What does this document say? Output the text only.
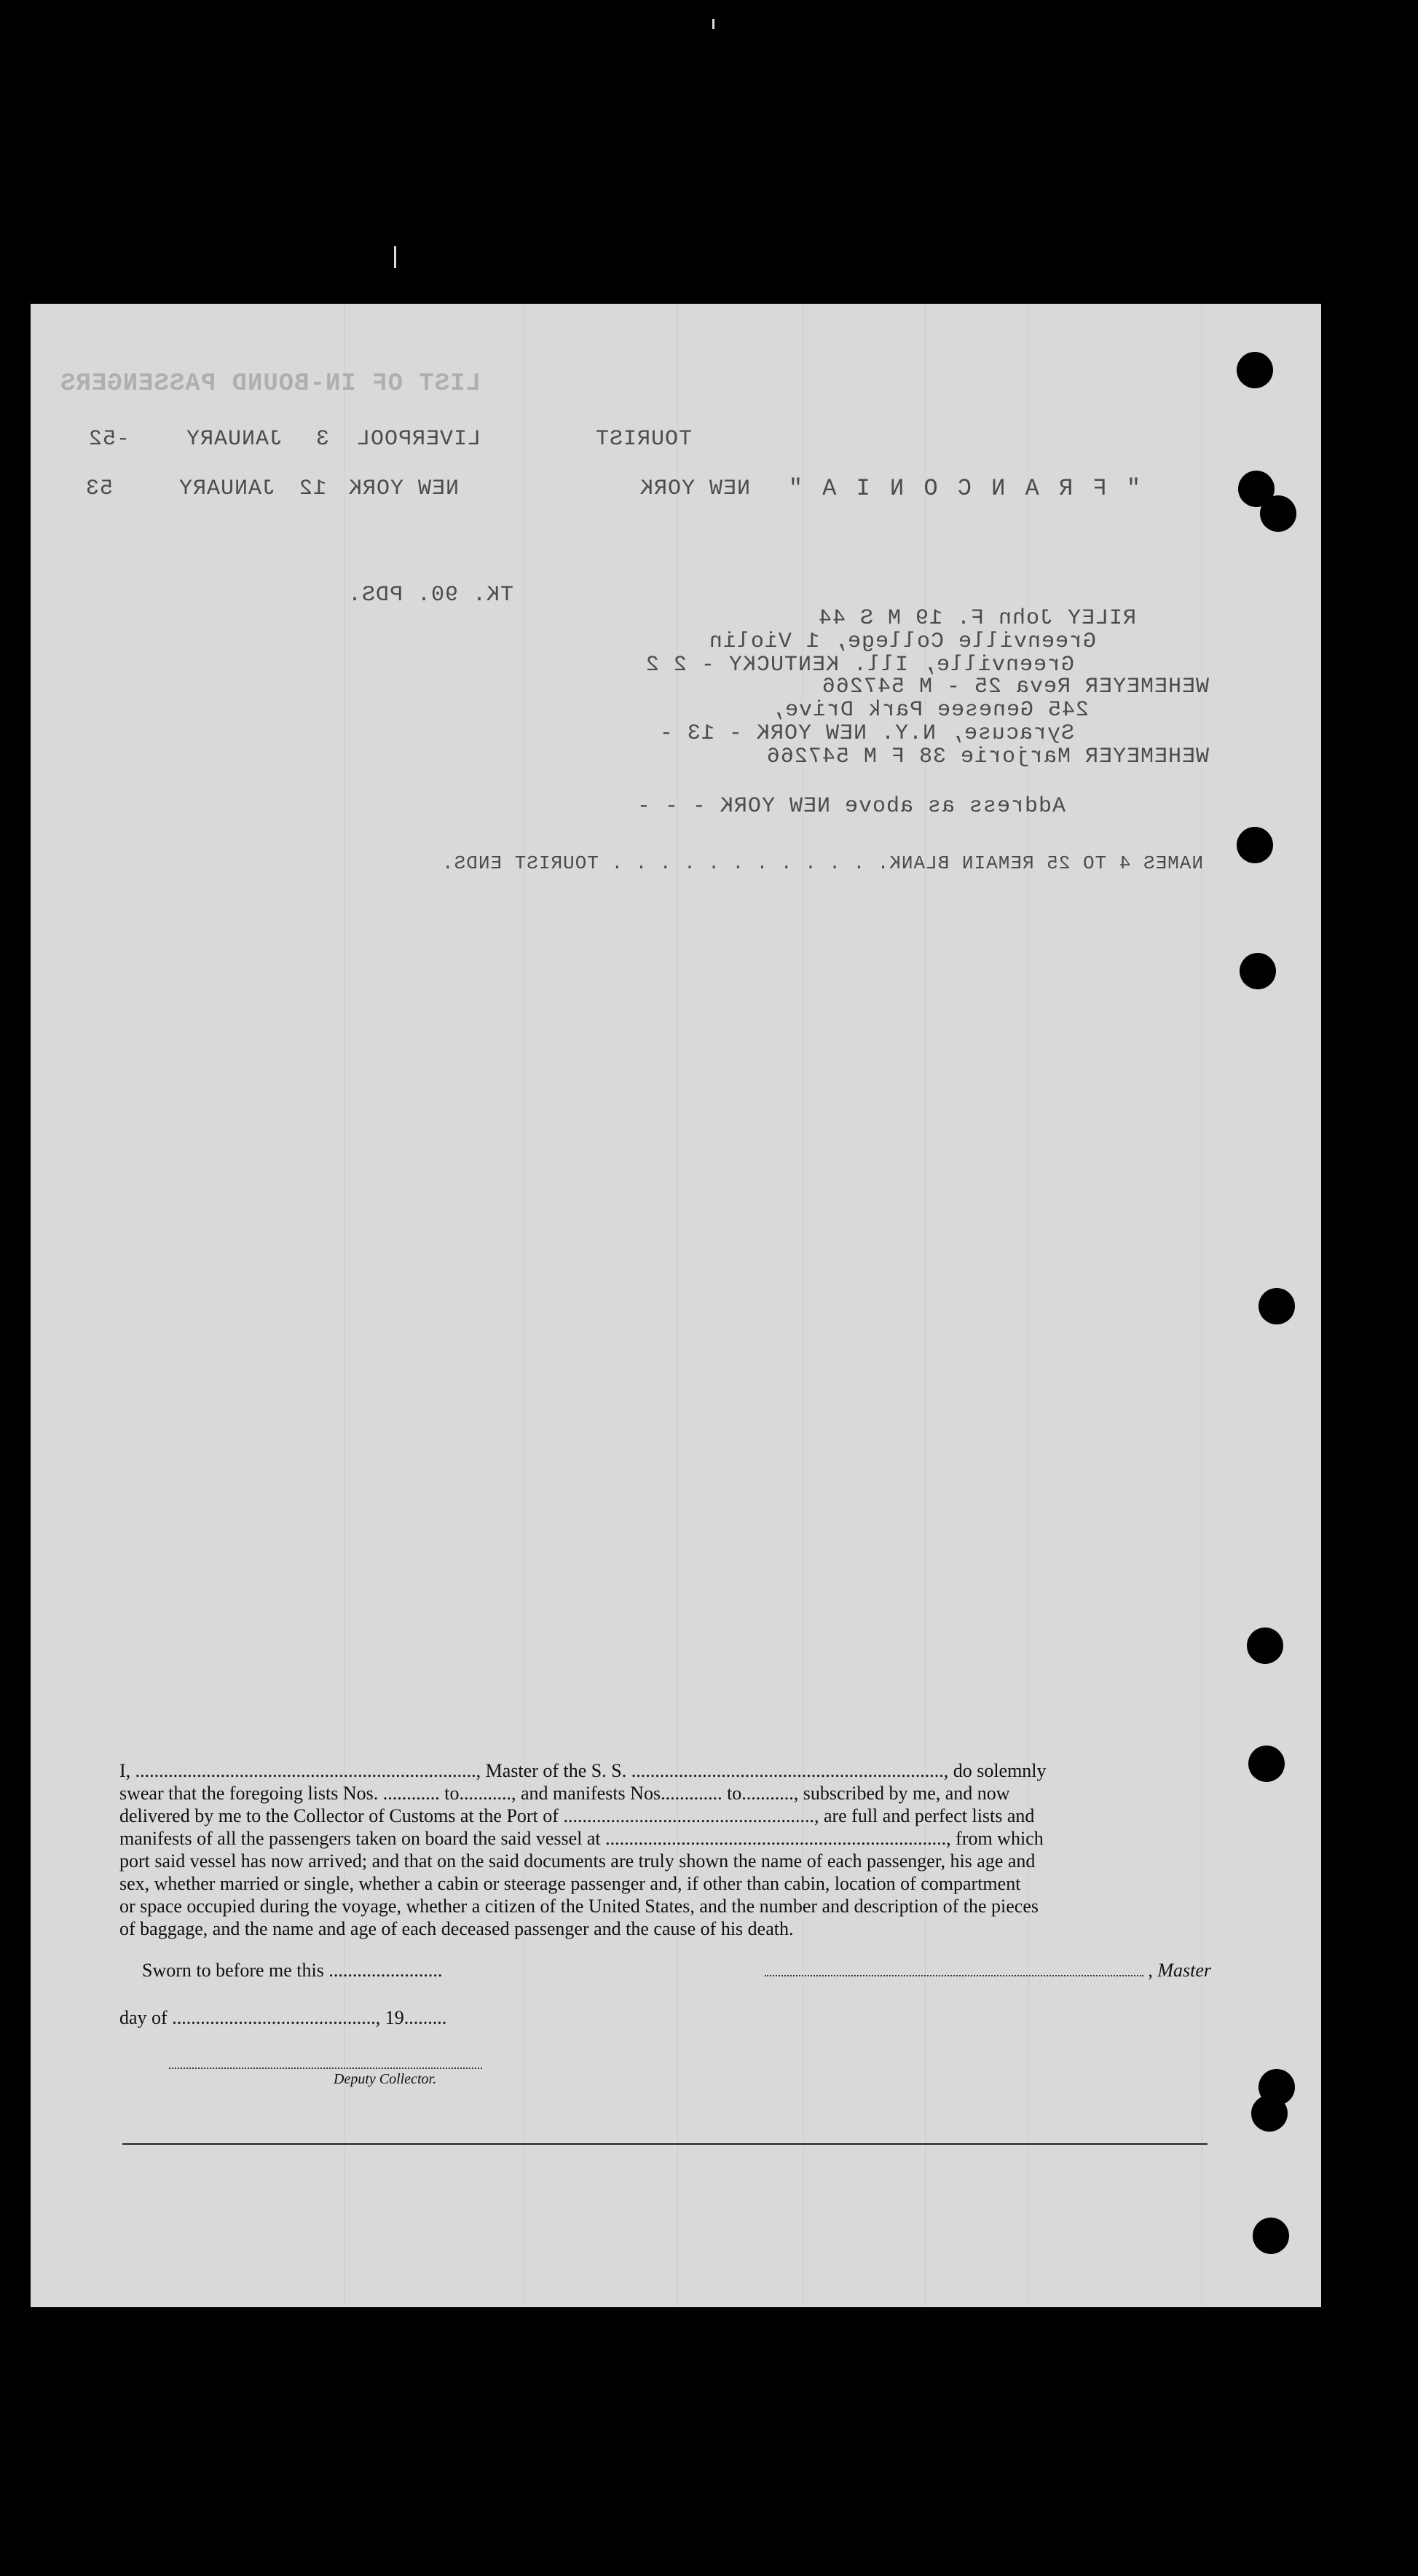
LIST OF IN-BOUND PASSENGERS
-52	JANUARY 3 LIVERPOOL	TOURIST
53	JANUARY 12 NEW YORK	NEW YORK " F R A N C O N I A "
TK. 90. PDS.
RILEY John F. 19 M S 44
Greenville College, 1 Violin
Greenville, Ill. KENTUCKY - 2 2
WEHEMEYER Reva 25 - M 547266
245 Genesee Park Drive,
Syracuse, N.Y. NEW YORK - 13 -
WEHEMEYER Marjorie 38 F M 547266
Address as above NEW YORK - - -
NAMES 4 TO 25 REMAIN BLANK. . . . . . . . . . . . TOURIST ENDS.

I, ........................................................................, Master of the S. S. .................................................................., do solemnly

swear that the foregoing lists Nos. ............ to..........., and manifests Nos............. to..........., subscribed by me, and now

delivered by me to the Collector of Customs at the Port of ....................................................., are full and perfect lists and

manifests of all the passengers taken on board the said vessel at ........................................................................, from which

port said vessel has now arrived; and that on the said documents are truly shown the name of each passenger, his age and

sex, whether married or single, whether a cabin or steerage passenger and, if other than cabin, location of compartment

or space occupied during the voyage, whether a citizen of the United States, and the number and description of the pieces

of baggage, and the name and age of each deceased passenger and the cause of his death.

Sworn to before me this ........................	, Master
day of ..........................................., 19.........
Deputy Collector.
